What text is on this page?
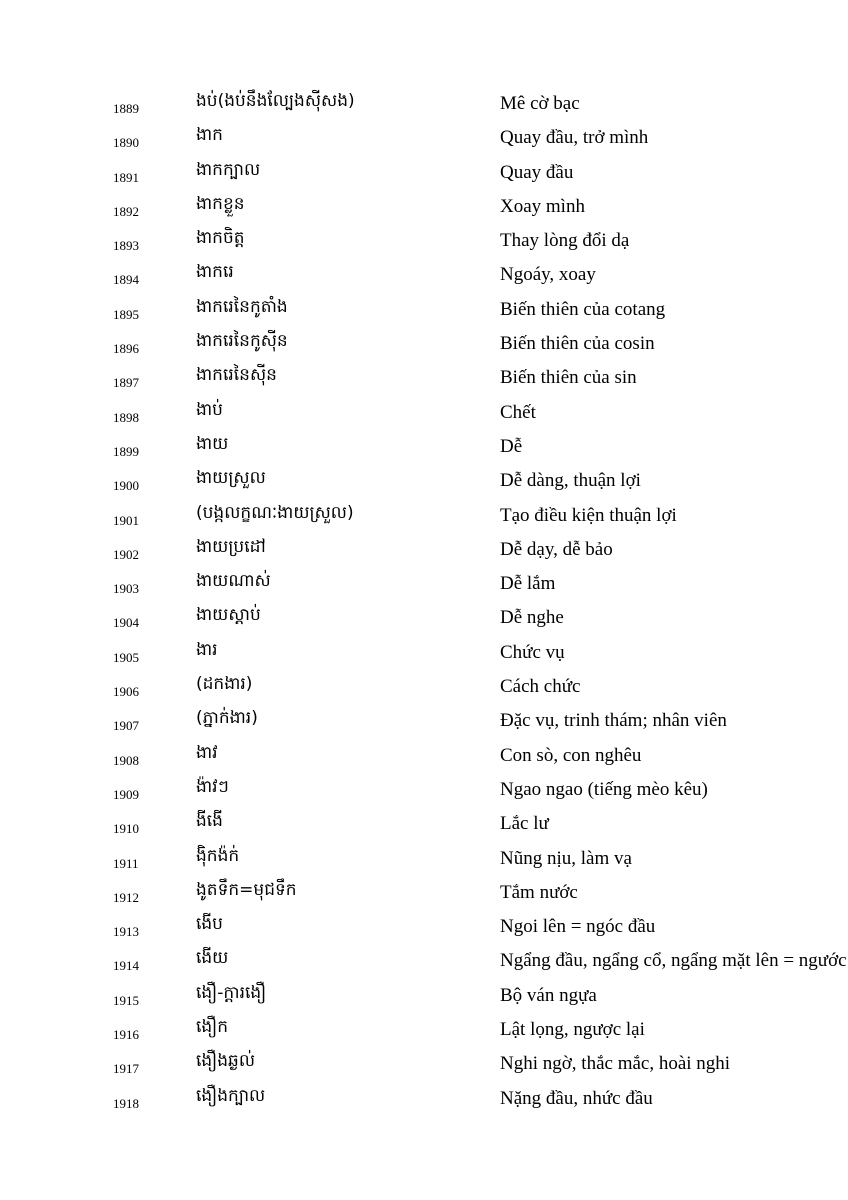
1889	ងប់(ងប់នឹងល្បែងស៊ីសង)	Mê cờ bạc
1890	ងាក	Quay đầu, trở mình
1891	ងាកក្បាល	Quay đầu
1892	ងាកខ្លួន	Xoay mình
1893	ងាកចិត្ត	Thay lòng đổi dạ
1894	ងាករេ	Ngoáy, xoay
1895	ងាករេនៃកូតាំង	Biến thiên của cotang
1896	ងាករេនៃកូស៊ីន	Biến thiên của cosin
1897	ងាករេនៃស៊ីន	Biến thiên của sin
1898	ងាប់	Chết
1899	ងាយ	Dễ
1900	ងាយស្រួល	Dễ dàng, thuận lợi
1901	(បង្កលក្ខណៈងាយស្រួល)	Tạo điều kiện thuận lợi
1902	ងាយប្រដៅ	Dễ dạy, dễ bảo
1903	ងាយណាស់	Dễ lắm
1904	ងាយស្តាប់	Dễ nghe
1905	ងារ	Chức vụ
1906	(ដកងារ)	Cách chức
1907	(ភ្នាក់ងារ)	Đặc vụ, trinh thám; nhân viên
1908	ងាវ	Con sò, con nghêu
1909	ង៉ាវៗ	Ngao ngao (tiếng mèo kêu)
1910	ងីងើ	Lắc lư
1911	ង៉ិកង៉ក់	Nũng nịu, làm vạ
1912	ងូតទឹក=មុជទឹក	Tắm nước
1913	ងើប	Ngoi lên = ngóc đầu
1914	ងើយ	Ngẩng đầu, ngẩng cổ, ngẩng mặt lên = ngước
1915	ងឿ-ក្តារងឿ	Bộ ván ngựa
1916	ងឿក	Lật lọng, ngược lại
1917	ងឿងឆ្ងល់	Nghi ngờ, thắc mắc, hoài nghi
1918	ងឿងក្បាល	Nặng đầu, nhức đầu
